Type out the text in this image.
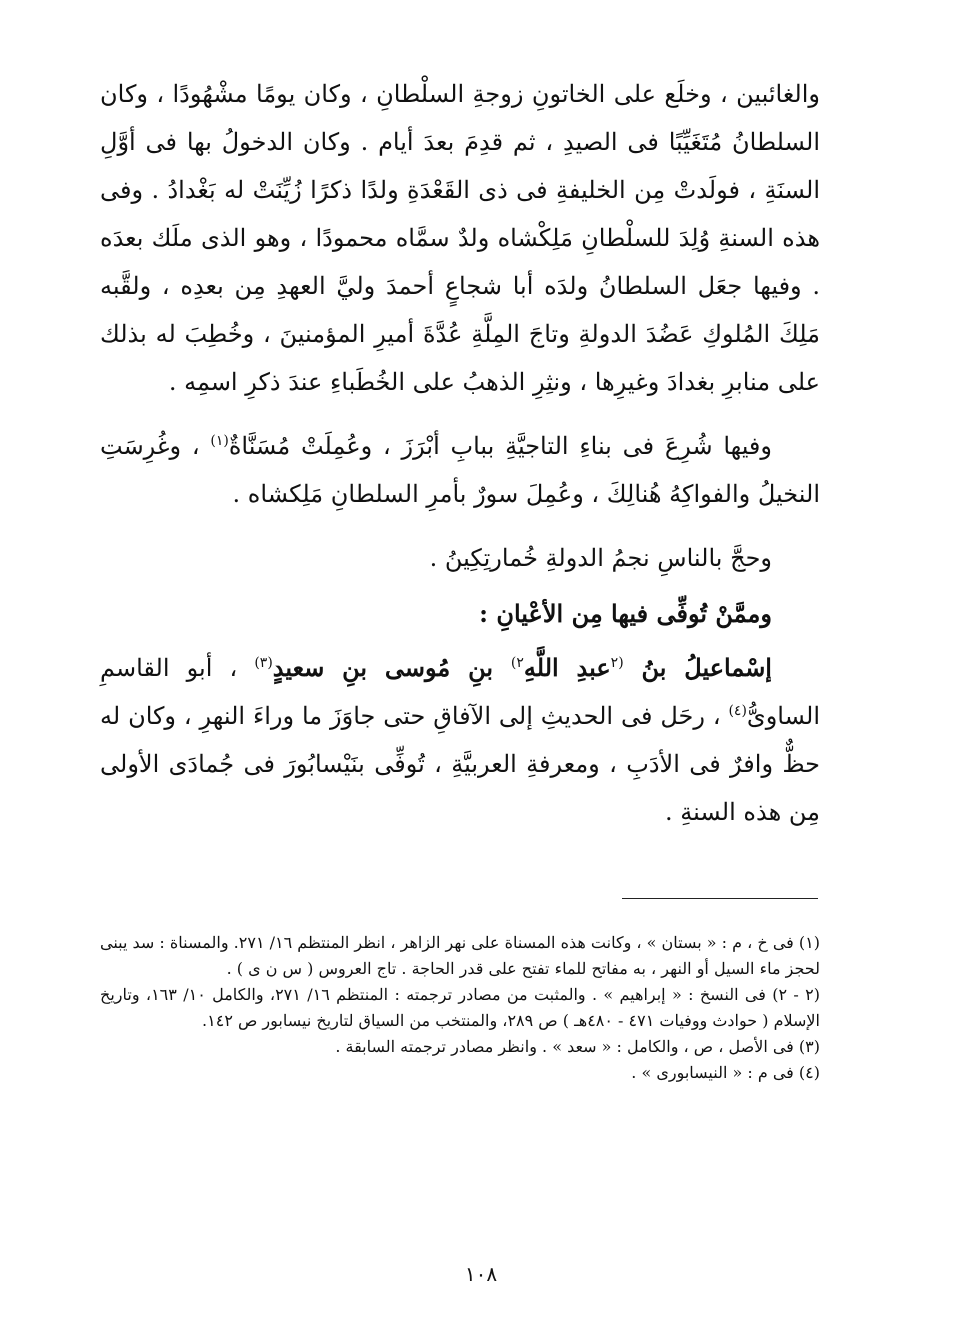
والغائبين ، وخلَع على الخاتونِ زوجةِ السلْطانِ ، وكان يومًا مشْهُودًا ، وكان السلطانُ مُتَغَيِّبًا فى الصيدِ ، ثم قدِمَ بعدَ أيام . وكان الدخولُ بها فى أوَّلِ السنَةِ ، فولَدتْ مِن الخليفةِ فى ذى القَعْدَةِ ولدًا ذكرًا زُيِّنَتْ له بَغْدادُ . وفى هذه السنةِ وُلِدَ للسلْطانِ مَلِكْشاه ولدٌ سمَّاه محمودًا ، وهو الذى ملَك بعدَه . وفيها جعَل السلطانُ ولدَه أبا شجاعٍ أحمدَ وليَّ العهدِ مِن بعدِه ، ولقَّبه مَلِكَ المُلوكِ عَضُدَ الدولةِ وتاجَ المِلَّةِ عُدَّةَ أميرِ المؤمنينَ ، وخُطِبَ له بذلك على منابرِ بغدادَ وغيرِها ، ونثِرِ الذهبُ على الخُطَباءِ عندَ ذكرِ اسمِه .

وفيها شُرِعَ فى بناءِ التاجيَّةِ ببابِ أبْرَزَ ، وعُمِلَتْ مُسَنَّاةٌ$^{(١)}$ ، وغُرِسَتِ النخيلُ والفواكِهُ هُنالِكَ ، وعُمِلَ سورٌ بأمرِ السلطانِ مَلِكشاه .

وحجَّ بالناسِ نجمُ الدولةِ خُمارتِكِينُ .

وممَّنْ تُوفِّى فيها مِن الأعْيانِ :

إسْماعيلُ بنُ $^{(٢}$عبدِ اللَّهِ$^{٢)}$ بنِ مُوسى بنِ سعيدٍ$^{(٣)}$ ، أبو القاسمِ الساوىُّ$^{(٤)}$ ، رحَل فى الحديثِ إلى الآفاقِ حتى جاوَزَ ما وراءَ النهرِ ، وكان له حظٌّ وافرٌ فى الأدَبِ ، ومعرفةِ العربيَّةِ ، تُوفِّى بنَيْسابُورَ فى جُمادَى الأولى مِن هذه السنةِ .

(١) فى خ ، م : « بستان » ، وكانت هذه المسناة على نهر الزاهر ، انظر المنتظم ١٦/ ٢٧١. والمسناة : سد يبنى لحجز ماء السيل أو النهر ، به مفاتح للماء تفتح على قدر الحاجة . تاج العروس ( س ن ى ) .

(٢ - ٢) فى النسخ : « إبراهيم » . والمثبت من مصادر ترجمته : المنتظم ١٦/ ٢٧١، والكامل ١٠/ ١٦٣، وتاريخ الإسلام ( حوادث ووفيات ٤٧١ - ٤٨٠هـ ) ص ٢٨٩، والمنتخب من السياق لتاريخ نيسابور ص ١٤٢.

(٣) فى الأصل ، ص ، والكامل : « سعد » . وانظر مصادر ترجمته السابقة .

(٤) فى م : « النيسابورى » .

١٠٨
